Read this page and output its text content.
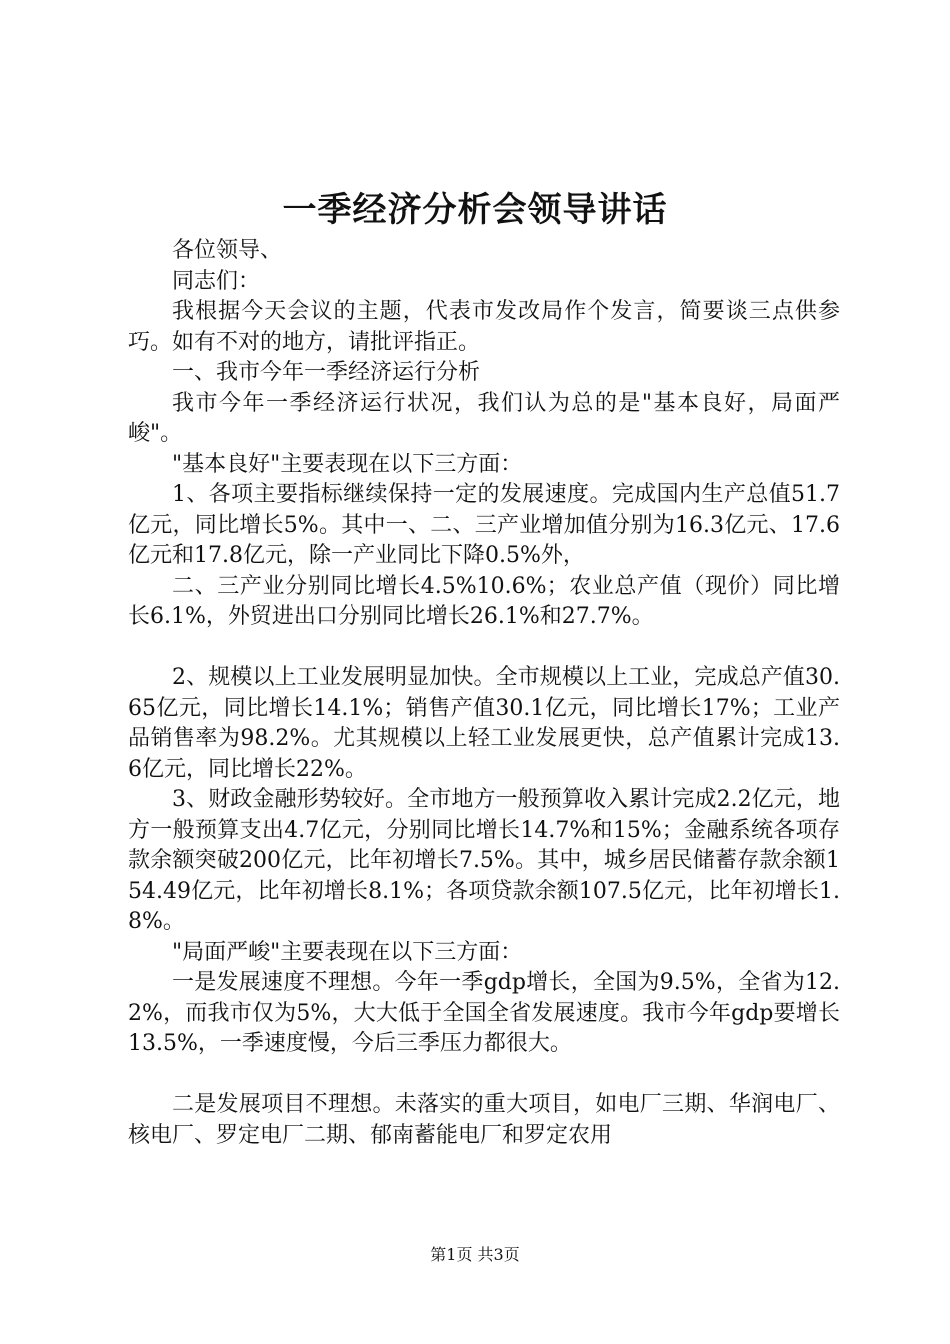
一季经济分析会领导讲话

各位领导、

同志们：

我根据今天会议的主题，代表市发改局作个发言，简要谈三点供参巧。如有不对的地方，请批评指正。

一、我市今年一季经济运行分析

我市今年一季经济运行状况，我们认为总的是"基本良好，局面严峻"。

"基本良好"主要表现在以下三方面：

1、各项主要指标继续保持一定的发展速度。完成国内生产总值51.7亿元，同比增长5%。其中一、二、三产业增加值分别为16.3亿元、17.6亿元和17.8亿元，除一产业同比下降0.5%外，

二、三产业分别同比增长4.5%10.6%；农业总产值（现价）同比增长6.1%，外贸进出口分别同比增长26.1%和27.7%。

2、规模以上工业发展明显加快。全市规模以上工业，完成总产值30.65亿元，同比增长14.1%；销售产值30.1亿元，同比增长17%；工业产品销售率为98.2%。尤其规模以上轻工业发展更快，总产值累计完成13.6亿元，同比增长22%。

3、财政金融形势较好。全市地方一般预算收入累计完成2.2亿元，地方一般预算支出4.7亿元，分别同比增长14.7%和15%；金融系统各项存款余额突破200亿元，比年初增长7.5%。其中，城乡居民储蓄存款余额154.49亿元，比年初增长8.1%；各项贷款余额107.5亿元，比年初增长1.8%。

"局面严峻"主要表现在以下三方面：

一是发展速度不理想。今年一季gdp增长，全国为9.5%，全省为12.2%，而我市仅为5%，大大低于全国全省发展速度。我市今年gdp要增长13.5%，一季速度慢，今后三季压力都很大。

二是发展项目不理想。未落实的重大项目，如电厂三期、华润电厂、核电厂、罗定电厂二期、郁南蓄能电厂和罗定农用

第1页 共3页
